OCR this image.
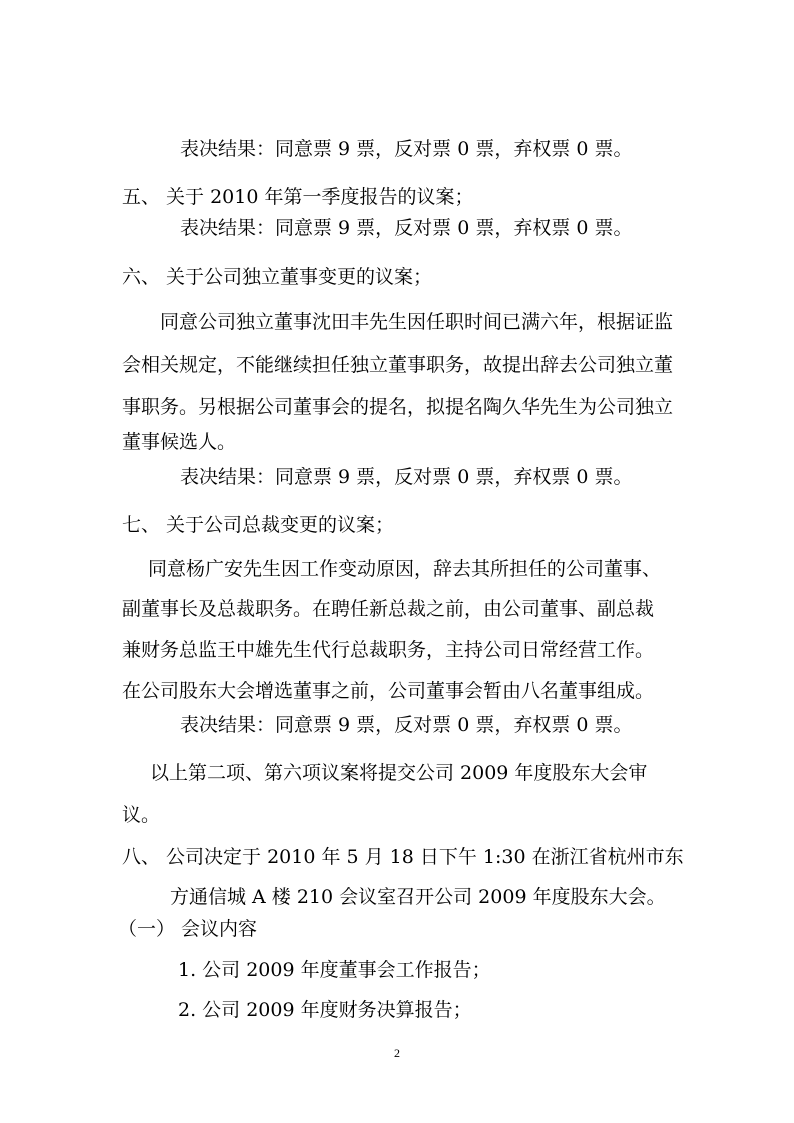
表决结果：同意票 9 票，反对票 0 票，弃权票 0 票。
五、 关于 2010 年第一季度报告的议案；
表决结果：同意票 9 票，反对票 0 票，弃权票 0 票。
六、 关于公司独立董事变更的议案；
同意公司独立董事沈田丰先生因任职时间已满六年，根据证监
会相关规定，不能继续担任独立董事职务，故提出辞去公司独立董
事职务。另根据公司董事会的提名，拟提名陶久华先生为公司独立
董事候选人。
表决结果：同意票 9 票，反对票 0 票，弃权票 0 票。
七、 关于公司总裁变更的议案；
同意杨广安先生因工作变动原因，辞去其所担任的公司董事、
副董事长及总裁职务。在聘任新总裁之前，由公司董事、副总裁
兼财务总监王中雄先生代行总裁职务，主持公司日常经营工作。
在公司股东大会增选董事之前，公司董事会暂由八名董事组成。
表决结果：同意票 9 票，反对票 0 票，弃权票 0 票。
以上第二项、第六项议案将提交公司 2009 年度股东大会审
议。
八、 公司决定于 2010 年 5 月 18 日下午 1:30 在浙江省杭州市东
方通信城 A 楼 210 会议室召开公司 2009 年度股东大会。
（一） 会议内容
1. 公司 2009 年度董事会工作报告；
2. 公司 2009 年度财务决算报告；
2
